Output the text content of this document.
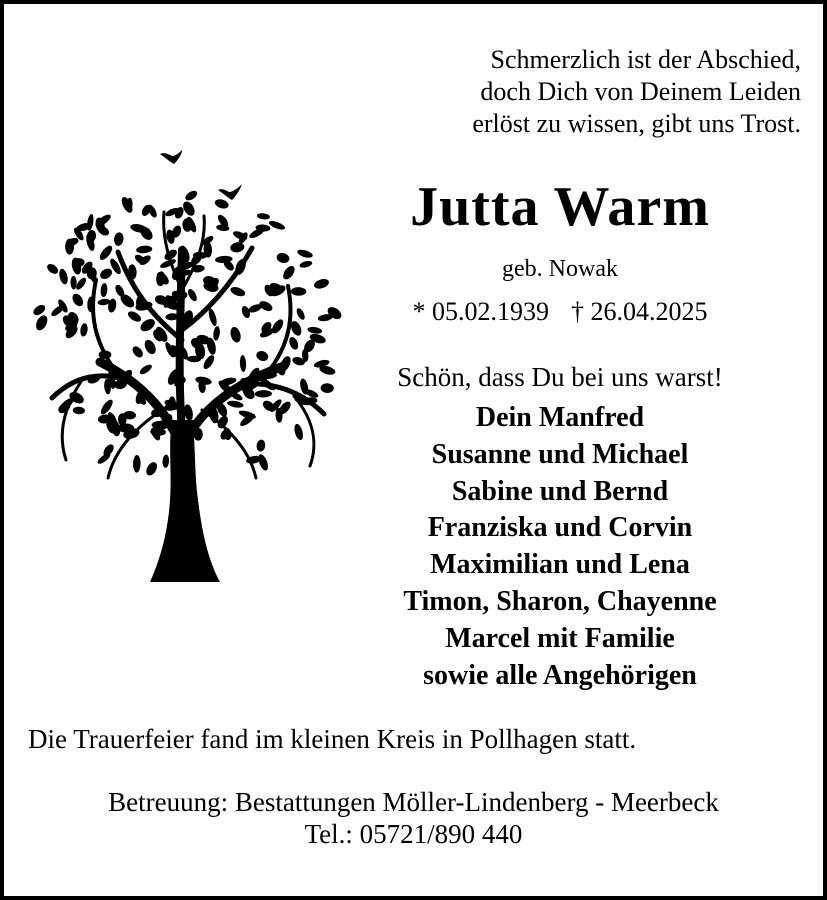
Schmerzlich ist der Abschied,
doch Dich von Deinem Leiden
erlöst zu wissen, gibt uns Trost.
Jutta Warm
geb. Nowak
* 05.02.1939 † 26.04.2025
Schön, dass Du bei uns warst!
Dein Manfred
Susanne und Michael
Sabine und Bernd
Franziska und Corvin
Maximilian und Lena
Timon, Sharon, Chayenne
Marcel mit Familie
sowie alle Angehörigen
Die Trauerfeier fand im kleinen Kreis in Pollhagen statt.
Betreuung: Bestattungen Möller-Lindenberg - Meerbeck
Tel.: 05721/890 440
